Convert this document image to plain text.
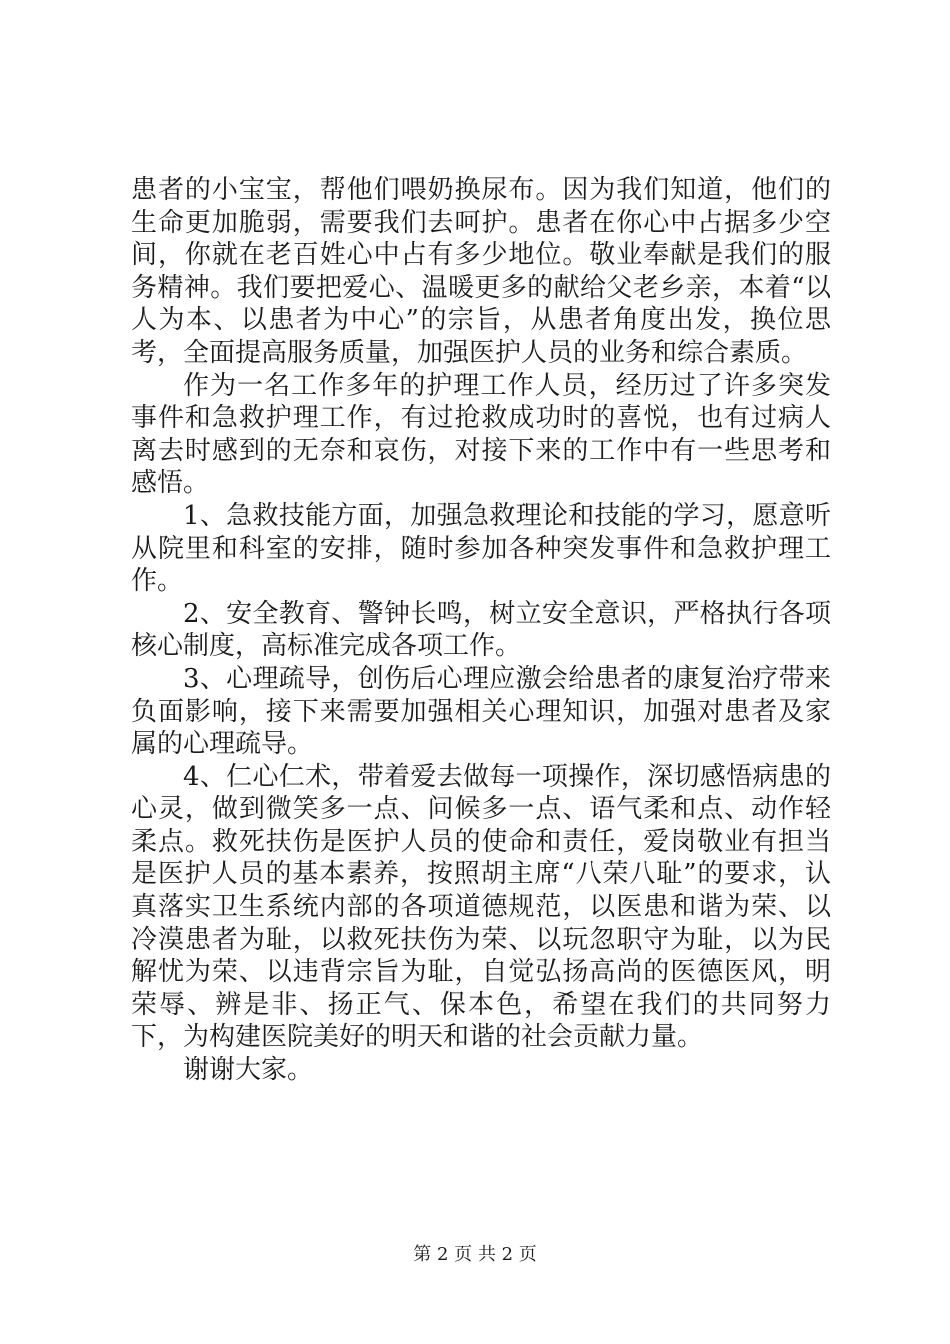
患者的小宝宝，帮他们喂奶换尿布。因为我们知道，他们的生命更加脆弱，需要我们去呵护。患者在你心中占据多少空间，你就在老百姓心中占有多少地位。敬业奉献是我们的服务精神。我们要把爱心、温暖更多的献给父老乡亲，本着“以人为本、以患者为中心”的宗旨，从患者角度出发，换位思考，全面提高服务质量，加强医护人员的业务和综合素质。

作为一名工作多年的护理工作人员，经历过了许多突发事件和急救护理工作，有过抢救成功时的喜悦，也有过病人离去时感到的无奈和哀伤，对接下来的工作中有一些思考和感悟。

1、急救技能方面，加强急救理论和技能的学习，愿意听从院里和科室的安排，随时参加各种突发事件和急救护理工作。

2、安全教育、警钟长鸣，树立安全意识，严格执行各项核心制度，高标准完成各项工作。

3、心理疏导，创伤后心理应激会给患者的康复治疗带来负面影响，接下来需要加强相关心理知识，加强对患者及家属的心理疏导。

4、仁心仁术，带着爱去做每一项操作，深切感悟病患的心灵，做到微笑多一点、问候多一点、语气柔和点、动作轻柔点。救死扶伤是医护人员的使命和责任，爱岗敬业有担当是医护人员的基本素养，按照胡主席“八荣八耻”的要求，认真落实卫生系统内部的各项道德规范，以医患和谐为荣、以冷漠患者为耻，以救死扶伤为荣、以玩忽职守为耻，以为民解忧为荣、以违背宗旨为耻，自觉弘扬高尚的医德医风，明荣辱、辨是非、扬正气、保本色，希望在我们的共同努力下，为构建医院美好的明天和谐的社会贡献力量。

谢谢大家。

第 2 页 共 2 页
